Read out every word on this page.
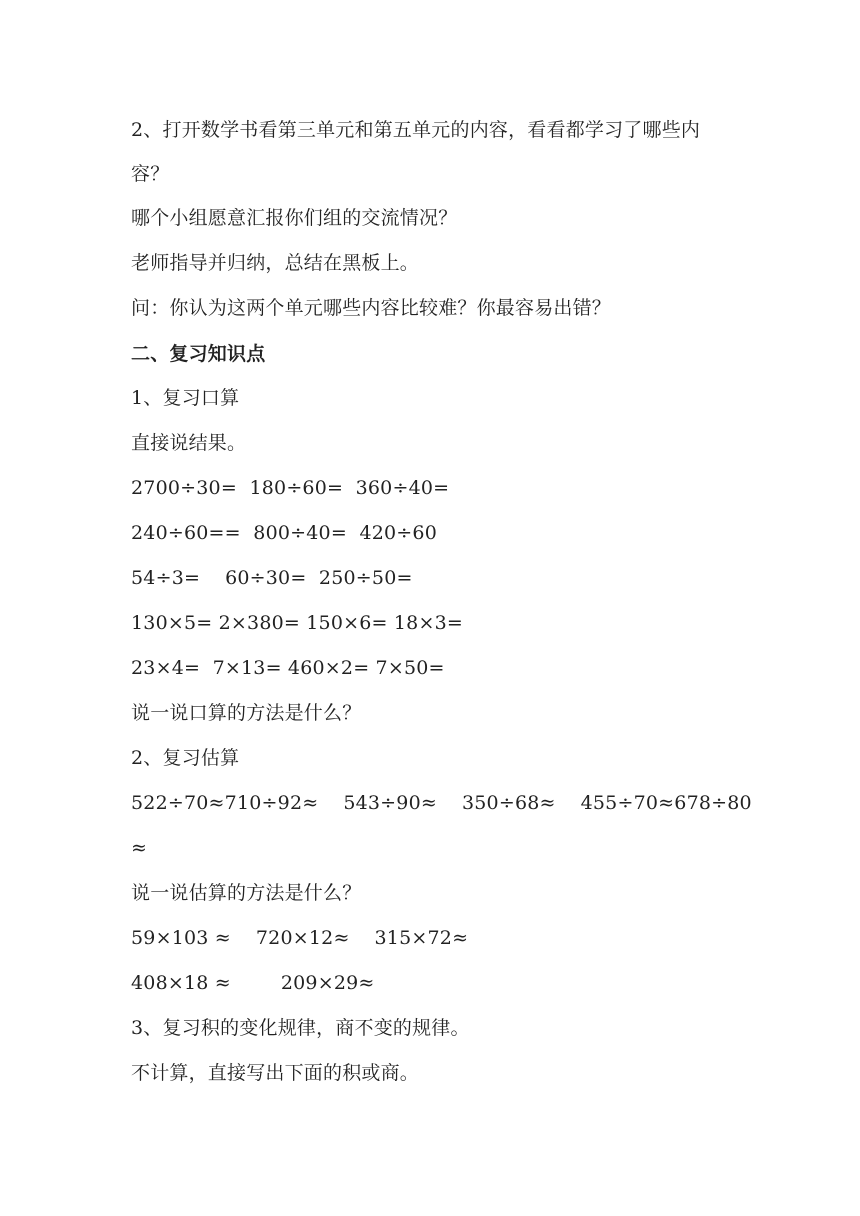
2、打开数学书看第三单元和第五单元的内容，看看都学习了哪些内
容？
哪个小组愿意汇报你们组的交流情况？
老师指导并归纳，总结在黑板上。
问：你认为这两个单元哪些内容比较难？你最容易出错？
二、复习知识点
1、复习口算
直接说结果。
2700÷30=  180÷60=  360÷40=
240÷60==  800÷40=  420÷60
54÷3=    60÷30=  250÷50=
130×5= 2×380= 150×6= 18×3=
23×4=  7×13= 460×2= 7×50=
说一说口算的方法是什么？
2、复习估算
522÷70≈710÷92≈    543÷90≈    350÷68≈    455÷70≈678÷80
≈
说一说估算的方法是什么？
59×103 ≈    720×12≈    315×72≈
408×18 ≈        209×29≈
3、复习积的变化规律，商不变的规律。
不计算，直接写出下面的积或商。
